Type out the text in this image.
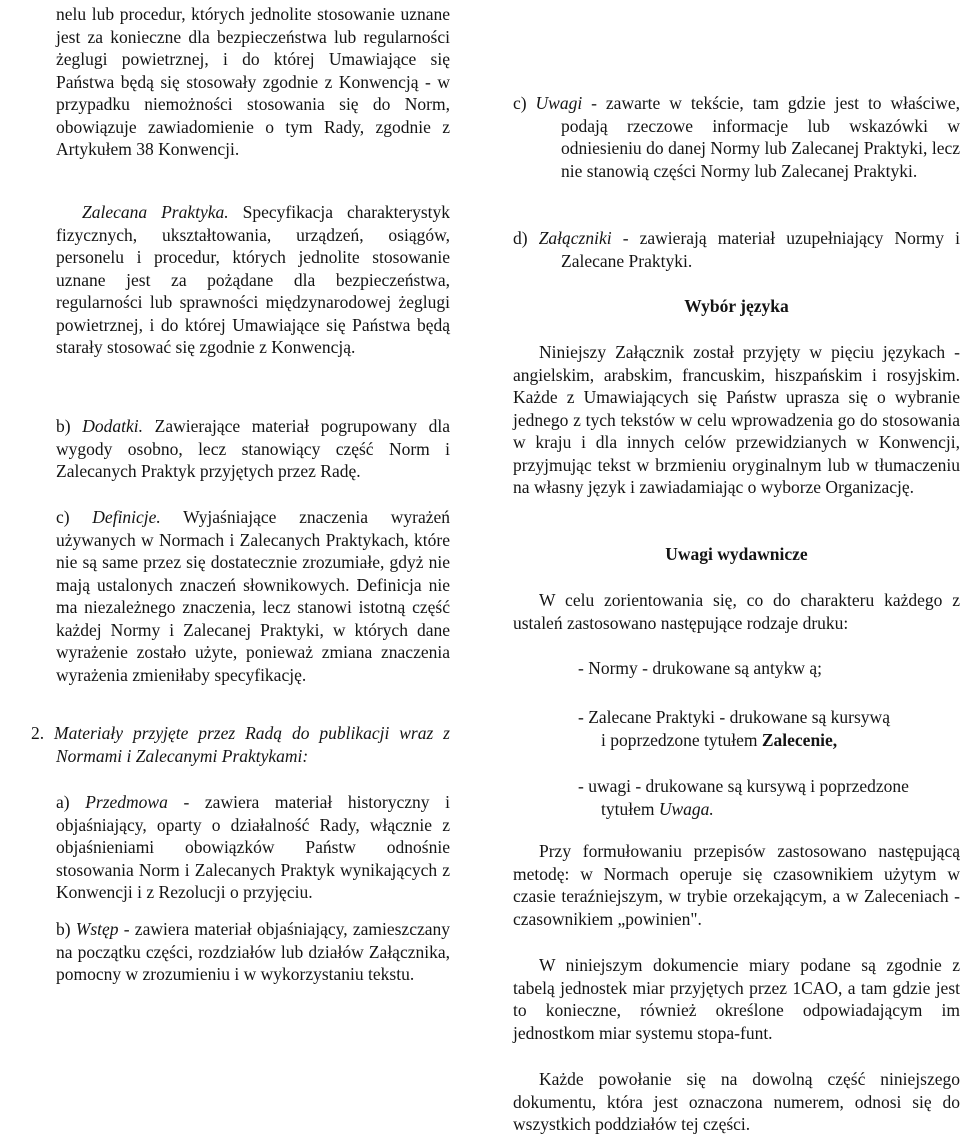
nelu lub procedur, których jednolite stosowanie uznane jest za konieczne dla bezpieczeństwa lub regularności żeglugi powietrznej, i do której Umawiające się Państwa będą się stosowały zgodnie z Konwencją - w przypadku niemożności stosowania się do Norm, obowiązuje zawiadomienie o tym Rady, zgodnie z Artykułem 38 Konwencji.

Zalecana Praktyka. Specyfikacja charakterystyk fizycznych, ukształtowania, urządzeń, osiągów, personelu i procedur, których jednolite stosowanie uznane jest za pożądane dla bezpieczeństwa, regularności lub sprawności międzynarodowej żeglugi powietrznej, i do której Umawiające się Państwa będą starały stosować się zgodnie z Konwencją.

b) Dodatki. Zawierające materiał pogrupowany dla wygody osobno, lecz stanowiący część Norm i Zalecanych Praktyk przyjętych przez Radę.

c) Definicje. Wyjaśniające znaczenia wyrażeń używanych w Normach i Zalecanych Praktykach, które nie są same przez się dostatecznie zrozumiałe, gdyż nie mają ustalonych znaczeń słownikowych. Definicja nie ma niezależnego znaczenia, lecz stanowi istotną część każdej Normy i Zalecanej Praktyki, w których dane wyrażenie zostało użyte, ponieważ zmiana znaczenia wyrażenia zmieniłaby specyfikację.

2. Materiały przyjęte przez Radą do publikacji wraz z Normami i Zalecanymi Praktykami:

a) Przedmowa - zawiera materiał historyczny i objaśniający, oparty o działalność Rady, włącznie z objaśnieniami obowiązków Państw odnośnie stosowania Norm i Zalecanych Praktyk wynikających z Konwencji i z Rezolucji o przyjęciu.

b) Wstęp - zawiera materiał objaśniający, zamieszczany na początku części, rozdziałów lub działów Załącznika, pomocny w zrozumieniu i w wykorzystaniu tekstu.

c) Uwagi - zawarte w tekście, tam gdzie jest to właściwe, podają rzeczowe informacje lub wskazówki w odniesieniu do danej Normy lub Zalecanej Praktyki, lecz nie stanowią części Normy lub Zalecanej Praktyki.

d) Załączniki - zawierają materiał uzupełniający Normy i Zalecane Praktyki.

Wybór języka

Niniejszy Załącznik został przyjęty w pięciu językach - angielskim, arabskim, francuskim, hiszpańskim i rosyjskim. Każde z Umawiających się Państw uprasza się o wybranie jednego z tych tekstów w celu wprowadzenia go do stosowania w kraju i dla innych celów przewidzianych w Konwencji, przyjmując tekst w brzmieniu oryginalnym lub w tłumaczeniu na własny język i zawiadamiając o wyborze Organizację.

Uwagi wydawnicze

W celu zorientowania się, co do charakteru każdego z ustaleń zastosowano następujące rodzaje druku:

- Normy - drukowane są antykw ą;

- Zalecane Praktyki - drukowane są kursywą

i poprzedzone tytułem Zalecenie,

- uwagi - drukowane są kursywą i poprzedzone

tytułem Uwaga.

Przy formułowaniu przepisów zastosowano następującą metodę: w Normach operuje się czasownikiem użytym w czasie teraźniejszym, w trybie orzekającym, a w Zaleceniach - czasownikiem „powinien".

W niniejszym dokumencie miary podane są zgodnie z tabelą jednostek miar przyjętych przez 1CAO, a tam gdzie jest to konieczne, również określone odpowiadającym im jednostkom miar systemu stopa-funt.

Każde powołanie się na dowolną część niniejszego dokumentu, która jest oznaczona numerem, odnosi się do wszystkich poddziałów tej części.
